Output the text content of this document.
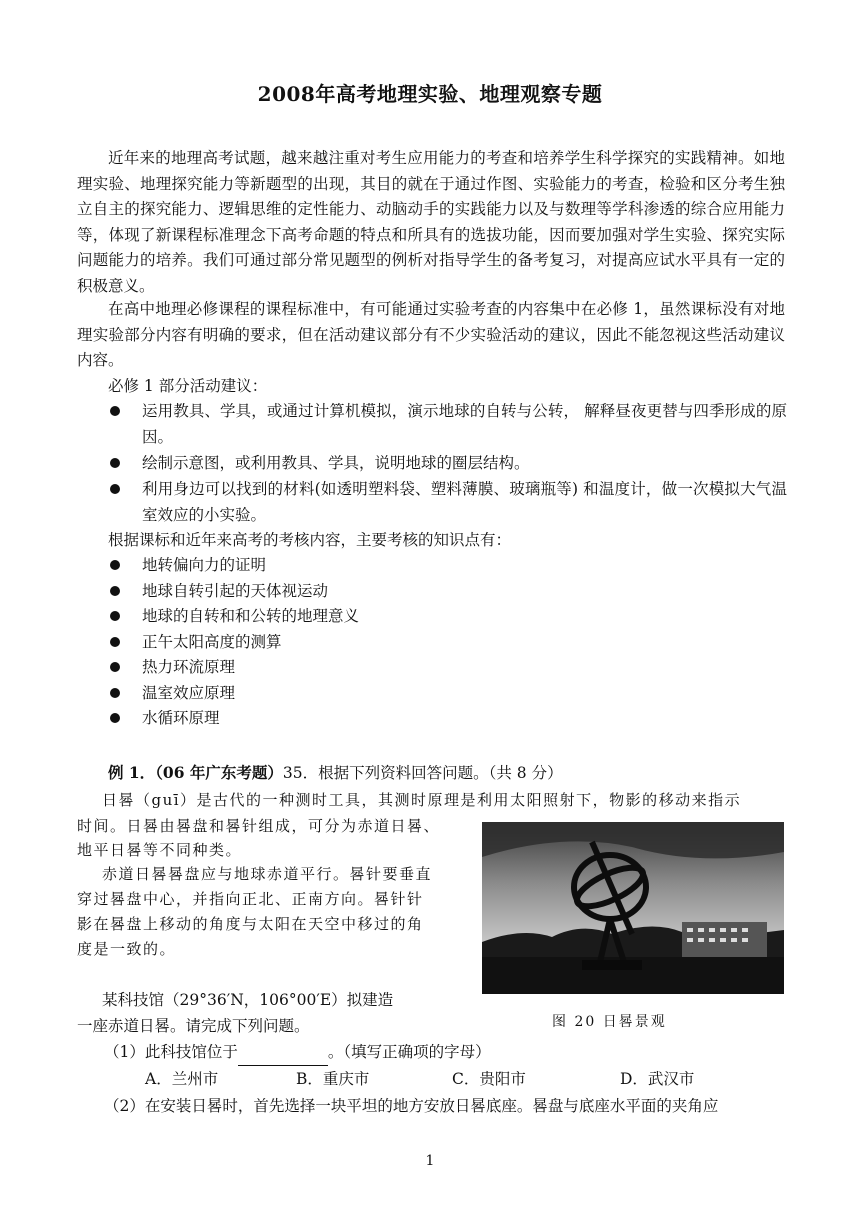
2008年高考地理实验、地理观察专题
近年来的地理高考试题，越来越注重对考生应用能力的考查和培养学生科学探究的实践精神。如地理实验、地理探究能力等新题型的出现，其目的就在于通过作图、实验能力的考查，检验和区分考生独立自主的探究能力、逻辑思维的定性能力、动脑动手的实践能力以及与数理等学科渗透的综合应用能力等，体现了新课程标准理念下高考命题的特点和所具有的选拔功能，因而要加强对学生实验、探究实际问题能力的培养。我们可通过部分常见题型的例析对指导学生的备考复习，对提高应试水平具有一定的积极意义。
在高中地理必修课程的课程标准中，有可能通过实验考查的内容集中在必修 1，虽然课标没有对地理实验部分内容有明确的要求，但在活动建议部分有不少实验活动的建议，因此不能忽视这些活动建议内容。
必修 1 部分活动建议：
运用教具、学具，或通过计算机模拟，演示地球的自转与公转， 解释昼夜更替与四季形成的原因。
绘制示意图，或利用教具、学具，说明地球的圈层结构。
利用身边可以找到的材料(如透明塑料袋、塑料薄膜、玻璃瓶等) 和温度计，做一次模拟大气温室效应的小实验。
根据课标和近年来高考的考核内容，主要考核的知识点有：
地转偏向力的证明
地球自转引起的天体视运动
地球的自转和和公转的地理意义
正午太阳高度的测算
热力环流原理
温室效应原理
水循环原理
例 1．（06 年广东考题）35．根据下列资料回答问题。（共 8 分）
日晷（guī）是古代的一种测时工具，其测时原理是利用太阳照射下，物影的移动来指示
时间。日晷由晷盘和晷针组成，可分为赤道日晷、
地平日晷等不同种类。
赤道日晷晷盘应与地球赤道平行。晷针要垂直
穿过晷盘中心，并指向正北、正南方向。晷针针
影在晷盘上移动的角度与太阳在天空中移过的角
度是一致的。
图 20 日晷景观
某科技馆（29°36′N，106°00′E）拟建造
一座赤道日晷。请完成下列问题。
（1）此科技馆位于	。（填写正确项的字母）
A．兰州市	B．重庆市	C．贵阳市	D．武汉市
（2）在安装日晷时，首先选择一块平坦的地方安放日晷底座。晷盘与底座水平面的夹角应
1
